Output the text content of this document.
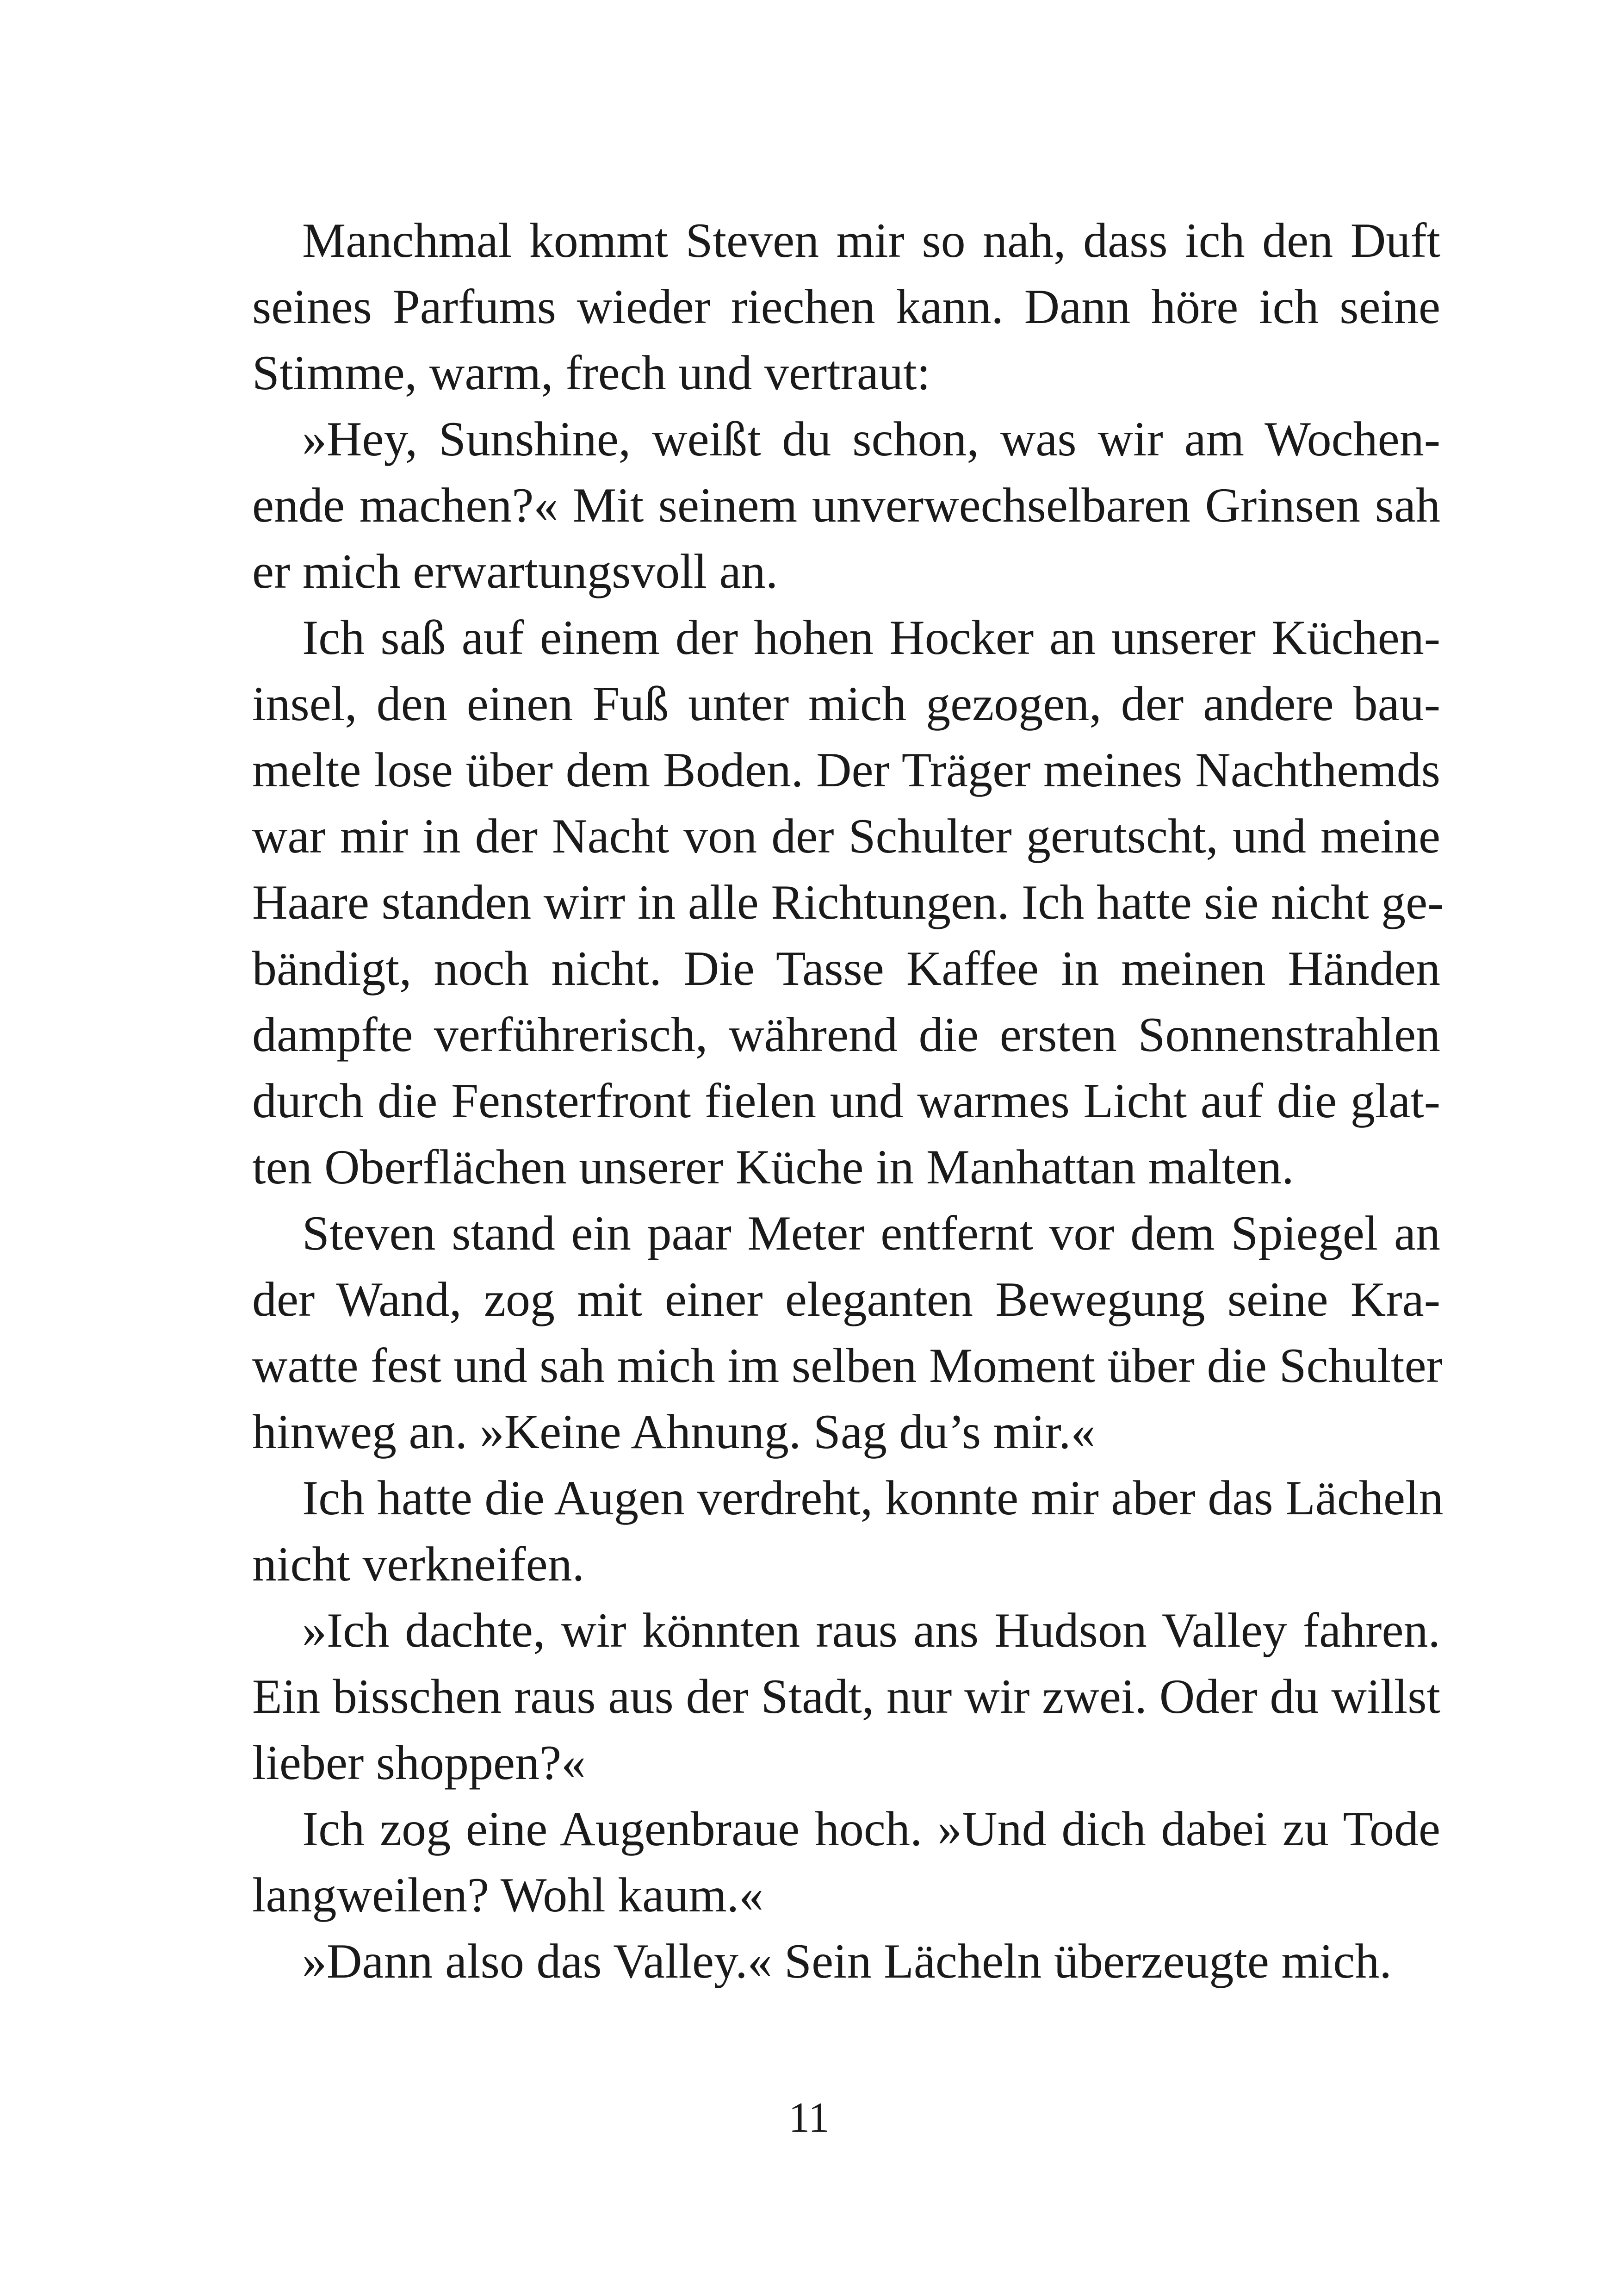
Manchmal kommt Steven mir so nah, dass ich den Duft
seines Parfums wieder riechen kann. Dann höre ich seine
Stimme, warm, frech und vertraut:

»Hey, Sunshine, weißt du schon, was wir am Wochen-
ende machen?« Mit seinem unverwechselbaren Grinsen sah
er mich erwartungsvoll an.

Ich saß auf einem der hohen Hocker an unserer Küchen-
insel, den einen Fuß unter mich gezogen, der andere bau-
melte lose über dem Boden. Der Träger meines Nachthemds
war mir in der Nacht von der Schulter gerutscht, und meine
Haare standen wirr in alle Richtungen. Ich hatte sie nicht ge-
bändigt, noch nicht. Die Tasse Kaffee in meinen Händen
dampfte verführerisch, während die ersten Sonnenstrahlen
durch die Fensterfront fielen und warmes Licht auf die glat-
ten Oberflächen unserer Küche in Manhattan malten.

Steven stand ein paar Meter entfernt vor dem Spiegel an
der Wand, zog mit einer eleganten Bewegung seine Kra-
watte fest und sah mich im selben Moment über die Schulter
hinweg an. »Keine Ahnung. Sag du’s mir.«

Ich hatte die Augen verdreht, konnte mir aber das Lächeln
nicht verkneifen.

»Ich dachte, wir könnten raus ans Hudson Valley fahren.
Ein bisschen raus aus der Stadt, nur wir zwei. Oder du willst
lieber shoppen?«

Ich zog eine Augenbraue hoch. »Und dich dabei zu Tode
langweilen? Wohl kaum.«

»Dann also das Valley.« Sein Lächeln überzeugte mich.

11
